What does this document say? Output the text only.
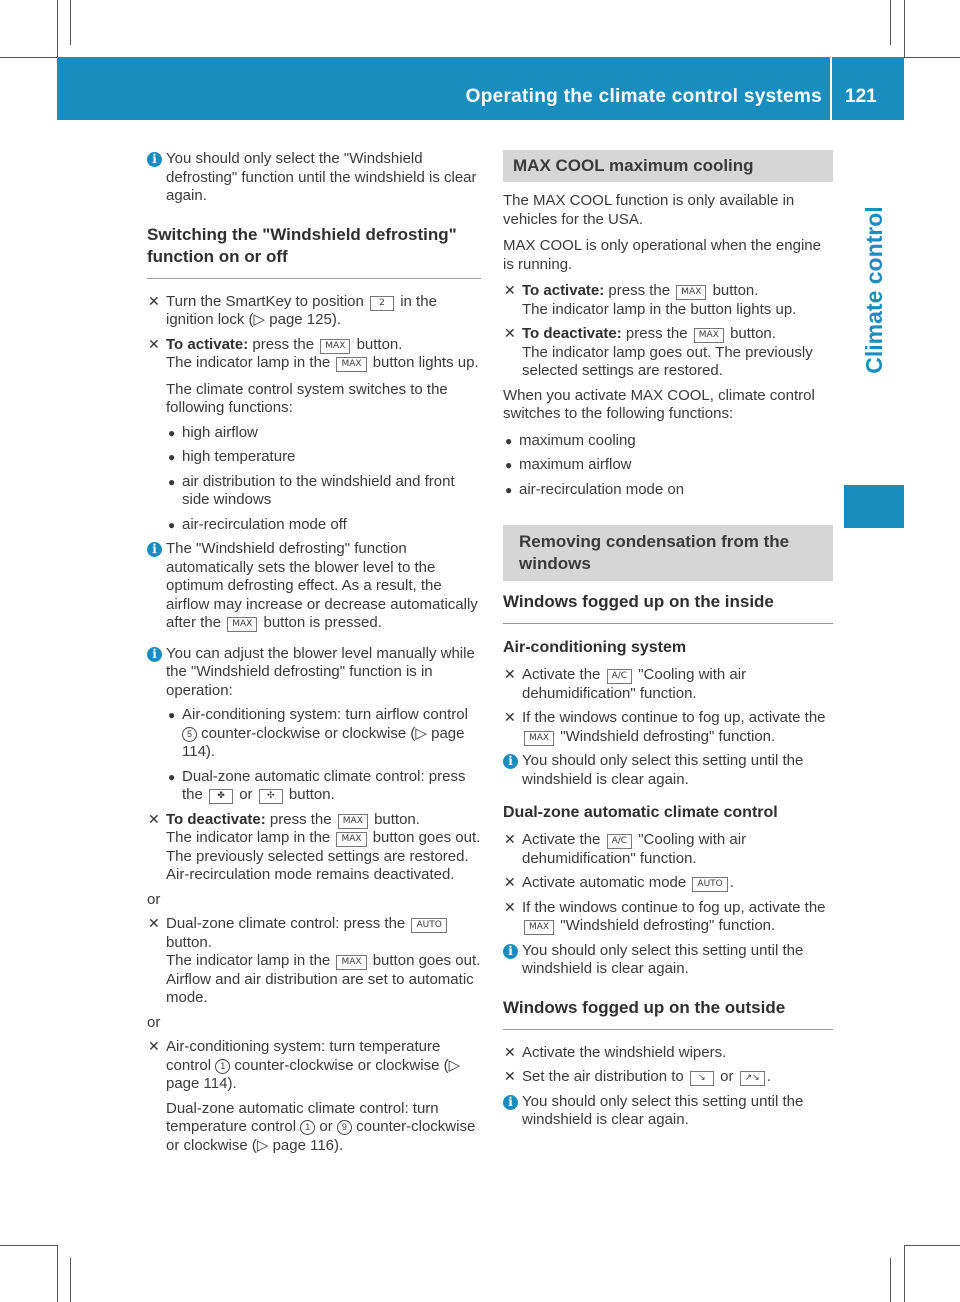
Operating the climate control systems 121
Climate control
i You should only select the "Windshield defrosting" function until the windshield is clear again.
Switching the "Windshield defrosting" function on or off
✕ Turn the SmartKey to position 2 in the ignition lock (▷ page 125).
✕ To activate: press the MAX button.
The indicator lamp in the MAX button lights up.
The climate control system switches to the following functions:
● high airflow
● high temperature
● air distribution to the windshield and front side windows
● air-recirculation mode off
i The "Windshield defrosting" function automatically sets the blower level to the optimum defrosting effect. As a result, the airflow may increase or decrease automatically after the MAX button is pressed.
i You can adjust the blower level manually while the "Windshield defrosting" function is in operation:
● Air-conditioning system: turn airflow control 5 counter-clockwise or clockwise (▷ page 114).
● Dual-zone automatic climate control: press the ✤ or ✣ button.
✕ To deactivate: press the MAX button.
The indicator lamp in the MAX button goes out. The previously selected settings are restored. Air-recirculation mode remains deactivated.
or
✕ Dual-zone climate control: press the AUTO button.
The indicator lamp in the MAX button goes out. Airflow and air distribution are set to automatic mode.
or
✕ Air-conditioning system: turn temperature control 1 counter-clockwise or clockwise (▷ page 114).
Dual-zone automatic climate control: turn temperature control 1 or 9 counter-clockwise or clockwise (▷ page 116).
MAX COOL maximum cooling

The MAX COOL function is only available in vehicles for the USA.

MAX COOL is only operational when the engine is running.

✕ To activate: press the MAX button.
The indicator lamp in the button lights up.
✕ To deactivate: press the MAX button.
The indicator lamp goes out. The previously selected settings are restored.

When you activate MAX COOL, climate control switches to the following functions:

● maximum cooling
● maximum airflow
● air-recirculation mode on
Removing condensation from the windows
Windows fogged up on the inside
Air-conditioning system
✕ Activate the A/C "Cooling with air dehumidification" function.
✕ If the windows continue to fog up, activate the MAX "Windshield defrosting" function.
i You should only select this setting until the windshield is clear again.
Dual-zone automatic climate control
✕ Activate the A/C "Cooling with air dehumidification" function.
✕ Activate automatic mode AUTO .
✕ If the windows continue to fog up, activate the MAX "Windshield defrosting" function.
i You should only select this setting until the windshield is clear again.
Windows fogged up on the outside
✕ Activate the windshield wipers.
✕ Set the air distribution to ↘ or ↗↘ .
i You should only select this setting until the windshield is clear again.
